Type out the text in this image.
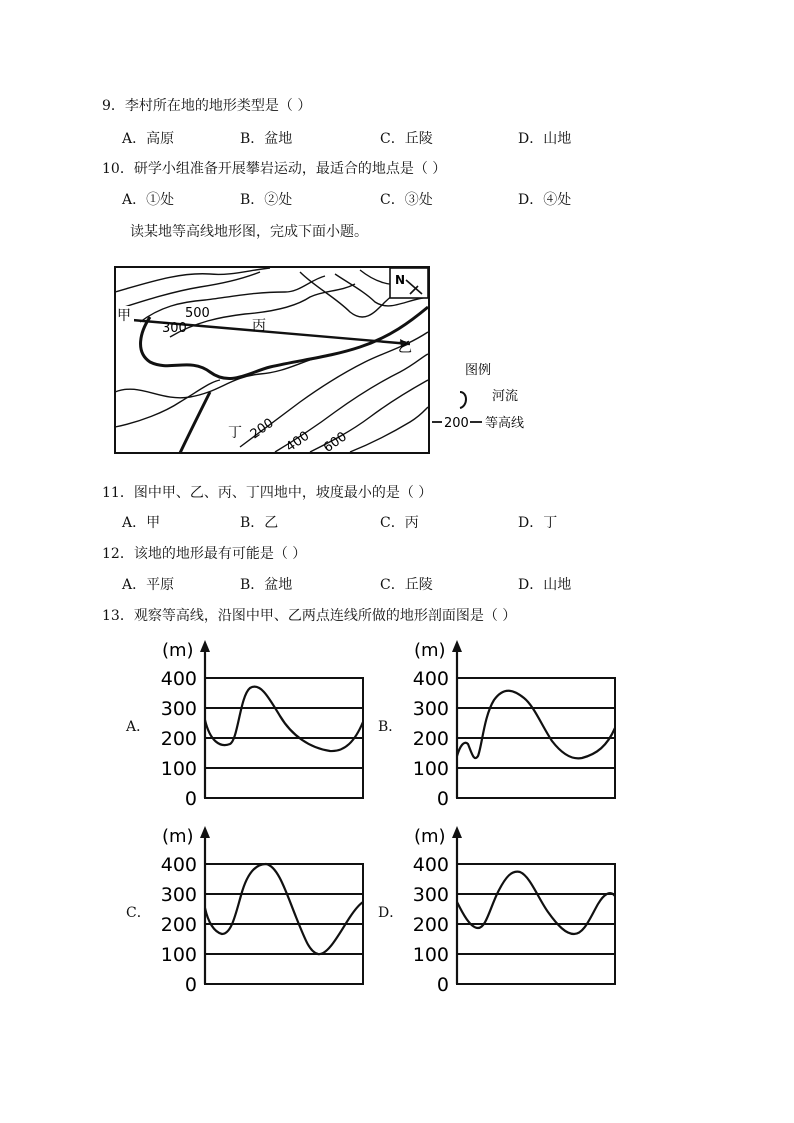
9．李村所在地的地形类型是（ ）
A．高原	B．盆地	C．丘陵	D．山地
10．研学小组准备开展攀岩运动，最适合的地点是（ ）
A．①处	B．②处	C．③处	D．④处
读某地等高线地形图，完成下面小题。
甲
乙
丙
丁
500
300
200 400 600
N
图例
河流
200 等高线
11．图中甲、乙、丙、丁四地中，坡度最小的是（ ）
A．甲	B．乙	C．丙	D．丁
12．该地的地形最有可能是（ ）
A．平原	B．盆地	C．丘陵	D．山地
13．观察等高线，沿图中甲、乙两点连线所做的地形剖面图是（ ）
A．	B．
C．	D．
(m)
400
300
200
100
0
(m)
400
300
200
100
0
(m)
400
300
200
100
0
(m)
400
300
200
100
0
